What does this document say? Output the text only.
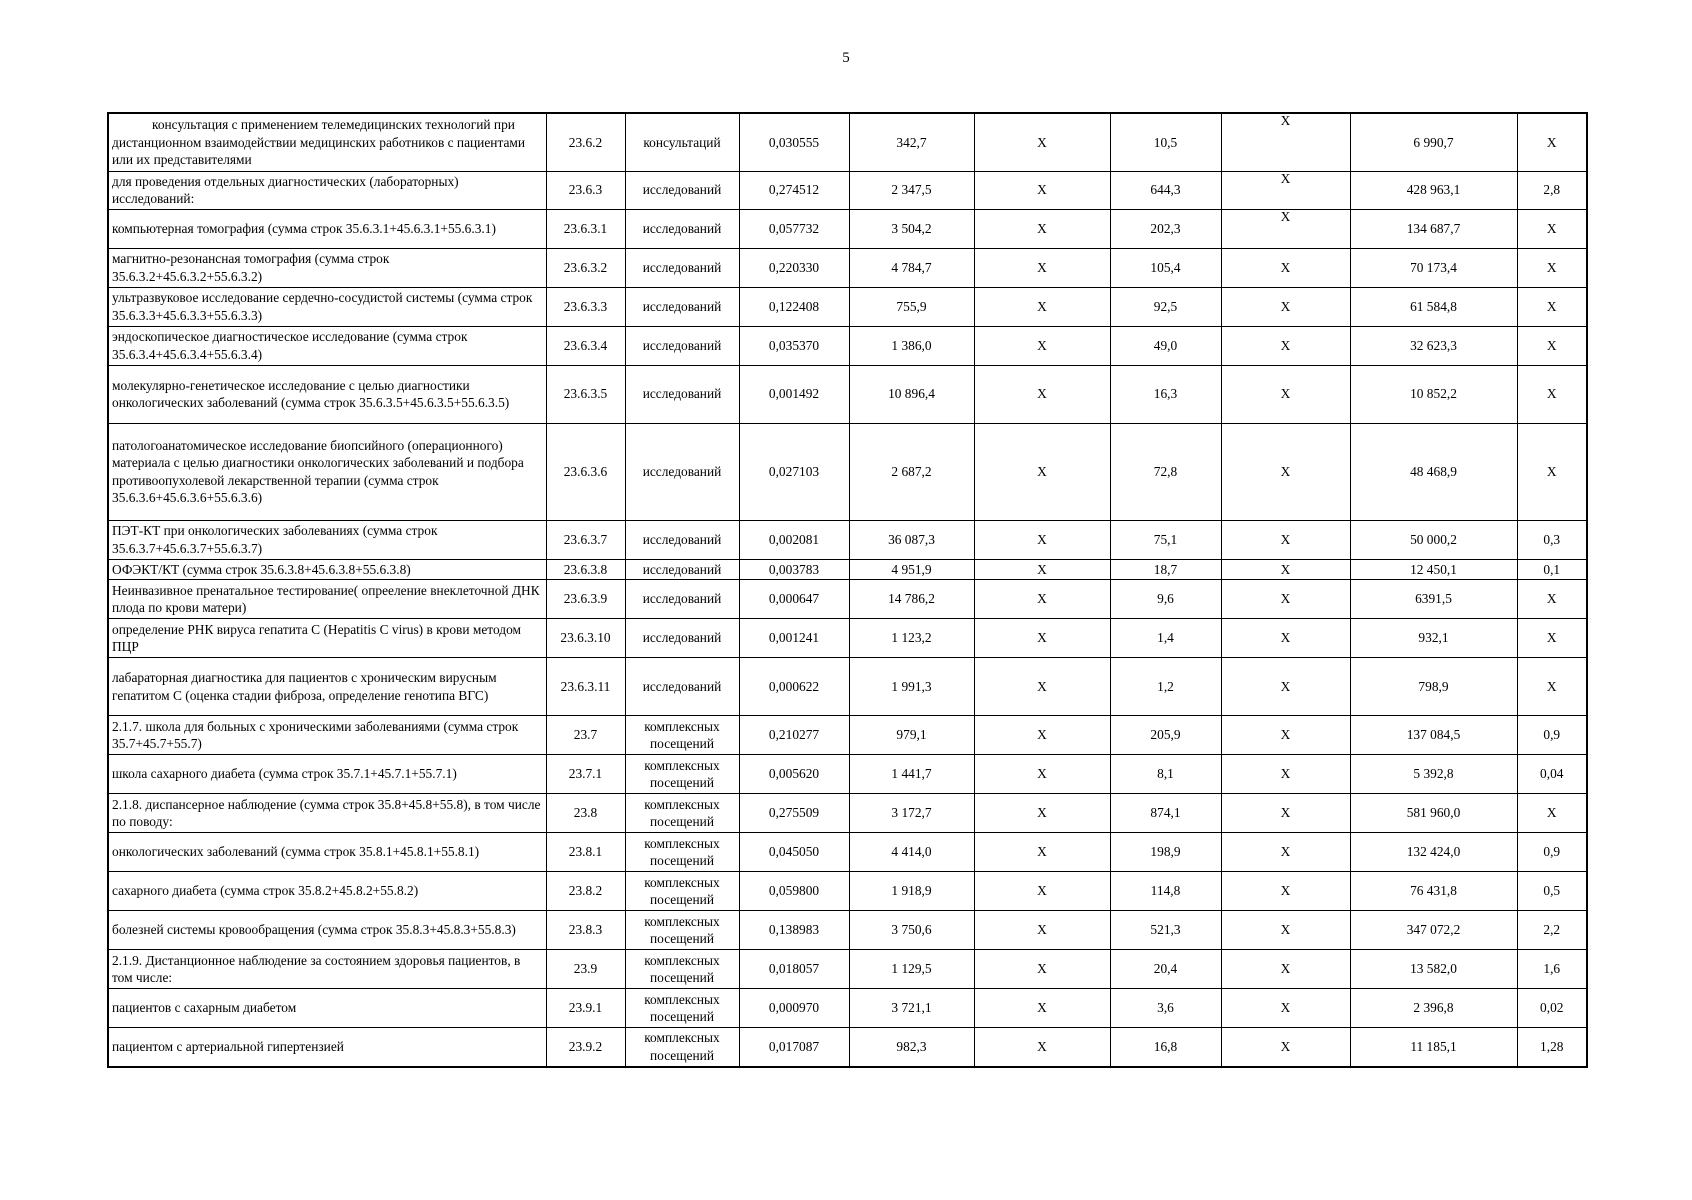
5
консультация с применением телемедицинских технологий при дистанционном взаимодействии медицинских работников с пациентами или их представителями	23.6.2	консультаций	0,030555	342,7	X	10,5	X	6 990,7	X
для проведения отдельных диагностических (лабораторных) исследований:	23.6.3	исследований	0,274512	2 347,5	X	644,3	X	428 963,1	2,8
компьютерная томография (сумма строк 35.6.3.1+45.6.3.1+55.6.3.1)	23.6.3.1	исследований	0,057732	3 504,2	X	202,3	X	134 687,7	X
магнитно-резонансная томография (сумма строк 35.6.3.2+45.6.3.2+55.6.3.2)	23.6.3.2	исследований	0,220330	4 784,7	X	105,4	X	70 173,4	X
ультразвуковое исследование сердечно-сосудистой системы (сумма строк 35.6.3.3+45.6.3.3+55.6.3.3)	23.6.3.3	исследований	0,122408	755,9	X	92,5	X	61 584,8	X
эндоскопическое диагностическое исследование (сумма строк 35.6.3.4+45.6.3.4+55.6.3.4)	23.6.3.4	исследований	0,035370	1 386,0	X	49,0	X	32 623,3	X
молекулярно-генетическое исследование с целью диагностики онкологических заболеваний (сумма строк 35.6.3.5+45.6.3.5+55.6.3.5)	23.6.3.5	исследований	0,001492	10 896,4	X	16,3	X	10 852,2	X
патологоанатомическое исследование биопсийного (операционного) материала с целью диагностики онкологических заболеваний и подбора противоопухолевой лекарственной терапии (сумма строк 35.6.3.6+45.6.3.6+55.6.3.6)	23.6.3.6	исследований	0,027103	2 687,2	X	72,8	X	48 468,9	X
ПЭТ-КТ при онкологических заболеваниях (сумма строк 35.6.3.7+45.6.3.7+55.6.3.7)	23.6.3.7	исследований	0,002081	36 087,3	X	75,1	X	50 000,2	0,3
ОФЭКТ/КТ (сумма строк 35.6.3.8+45.6.3.8+55.6.3.8)	23.6.3.8	исследований	0,003783	4 951,9	X	18,7	X	12 450,1	0,1
Неинвазивное пренатальное тестирование( опрееление внеклеточной ДНК плода по крови матери)	23.6.3.9	исследований	0,000647	14 786,2	X	9,6	X	6391,5	X
определение РНК вируса гепатита С (Hepatitis C virus) в крови методом ПЦР	23.6.3.10	исследований	0,001241	1 123,2	X	1,4	X	932,1	X
лабараторная диагностика для пациентов с хроническим вирусным гепатитом С (оценка стадии фиброза, определение генотипа ВГС)	23.6.3.11	исследований	0,000622	1 991,3	X	1,2	X	798,9	X
2.1.7. школа для больных с хроническими заболеваниями (сумма строк 35.7+45.7+55.7)	23.7	комплексных посещений	0,210277	979,1	X	205,9	X	137 084,5	0,9
школа сахарного диабета (сумма строк 35.7.1+45.7.1+55.7.1)	23.7.1	комплексных посещений	0,005620	1 441,7	X	8,1	X	5 392,8	0,04
2.1.8. диспансерное наблюдение (сумма строк 35.8+45.8+55.8), в том числе по поводу:	23.8	комплексных посещений	0,275509	3 172,7	X	874,1	X	581 960,0	X
онкологических заболеваний (сумма строк 35.8.1+45.8.1+55.8.1)	23.8.1	комплексных посещений	0,045050	4 414,0	X	198,9	X	132 424,0	0,9
сахарного диабета (сумма строк 35.8.2+45.8.2+55.8.2)	23.8.2	комплексных посещений	0,059800	1 918,9	X	114,8	X	76 431,8	0,5
болезней системы кровообращения (сумма строк 35.8.3+45.8.3+55.8.3)	23.8.3	комплексных посещений	0,138983	3 750,6	X	521,3	X	347 072,2	2,2
2.1.9. Дистанционное наблюдение за состоянием здоровья пациентов, в том числе:	23.9	комплексных посещений	0,018057	1 129,5	X	20,4	X	13 582,0	1,6
пациентов с сахарным диабетом	23.9.1	комплексных посещений	0,000970	3 721,1	X	3,6	X	2 396,8	0,02
пациентом с артериальной гипертензией	23.9.2	комплексных посещений	0,017087	982,3	X	16,8	X	11 185,1	1,28
